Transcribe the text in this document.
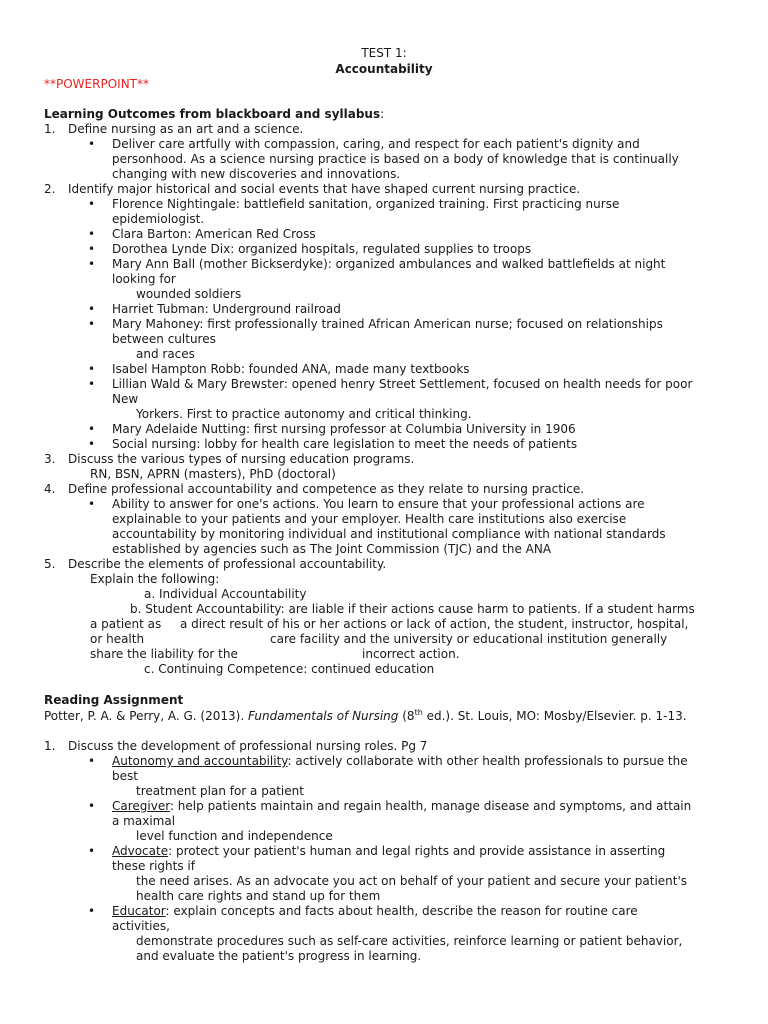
TEST 1:
Accountability
**POWERPOINT**
Learning Outcomes from blackboard and syllabus:
1. Define nursing as an art and a science.
• Deliver care artfully with compassion, caring, and respect for each patient's dignity and
personhood. As a science nursing practice is based on a body of knowledge that is continually
changing with new discoveries and innovations.
2. Identify major historical and social events that have shaped current nursing practice.
• Florence Nightingale: battlefield sanitation, organized training. First practicing nurse
epidemiologist.
• Clara Barton: American Red Cross
• Dorothea Lynde Dix: organized hospitals, regulated supplies to troops
• Mary Ann Ball (mother Bickserdyke): organized ambulances and walked battlefields at night
looking for
wounded soldiers
• Harriet Tubman: Underground railroad
• Mary Mahoney: first professionally trained African American nurse; focused on relationships
between cultures
and races
• Isabel Hampton Robb: founded ANA, made many textbooks
• Lillian Wald & Mary Brewster: opened henry Street Settlement, focused on health needs for poor
New
Yorkers. First to practice autonomy and critical thinking.
• Mary Adelaide Nutting: first nursing professor at Columbia University in 1906
• Social nursing: lobby for health care legislation to meet the needs of patients
3. Discuss the various types of nursing education programs.
RN, BSN, APRN (masters), PhD (doctoral)
4. Define professional accountability and competence as they relate to nursing practice.
• Ability to answer for one's actions. You learn to ensure that your professional actions are
explainable to your patients and your employer. Health care institutions also exercise
accountability by monitoring individual and institutional compliance with national standards
established by agencies such as The Joint Commission (TJC) and the ANA
5. Describe the elements of professional accountability.
Explain the following:
a. Individual Accountability
b. Student Accountability: are liable if their actions cause harm to patients. If a student harms
a patient as a direct result of his or her actions or lack of action, the student, instructor, hospital,
or health	care facility and the university or educational institution generally
share the liability for the	incorrect action.
c. Continuing Competence: continued education
Reading Assignment
Potter, P. A. & Perry, A. G. (2013). Fundamentals of Nursing (8th ed.). St. Louis, MO: Mosby/Elsevier. p. 1-13.
1. Discuss the development of professional nursing roles. Pg 7
• Autonomy and accountability: actively collaborate with other health professionals to pursue the
best
treatment plan for a patient
• Caregiver: help patients maintain and regain health, manage disease and symptoms, and attain
a maximal
level function and independence
• Advocate: protect your patient's human and legal rights and provide assistance in asserting
these rights if
the need arises. As an advocate you act on behalf of your patient and secure your patient's
health care rights and stand up for them
• Educator: explain concepts and facts about health, describe the reason for routine care
activities,
demonstrate procedures such as self-care activities, reinforce learning or patient behavior,
and evaluate the patient's progress in learning.
